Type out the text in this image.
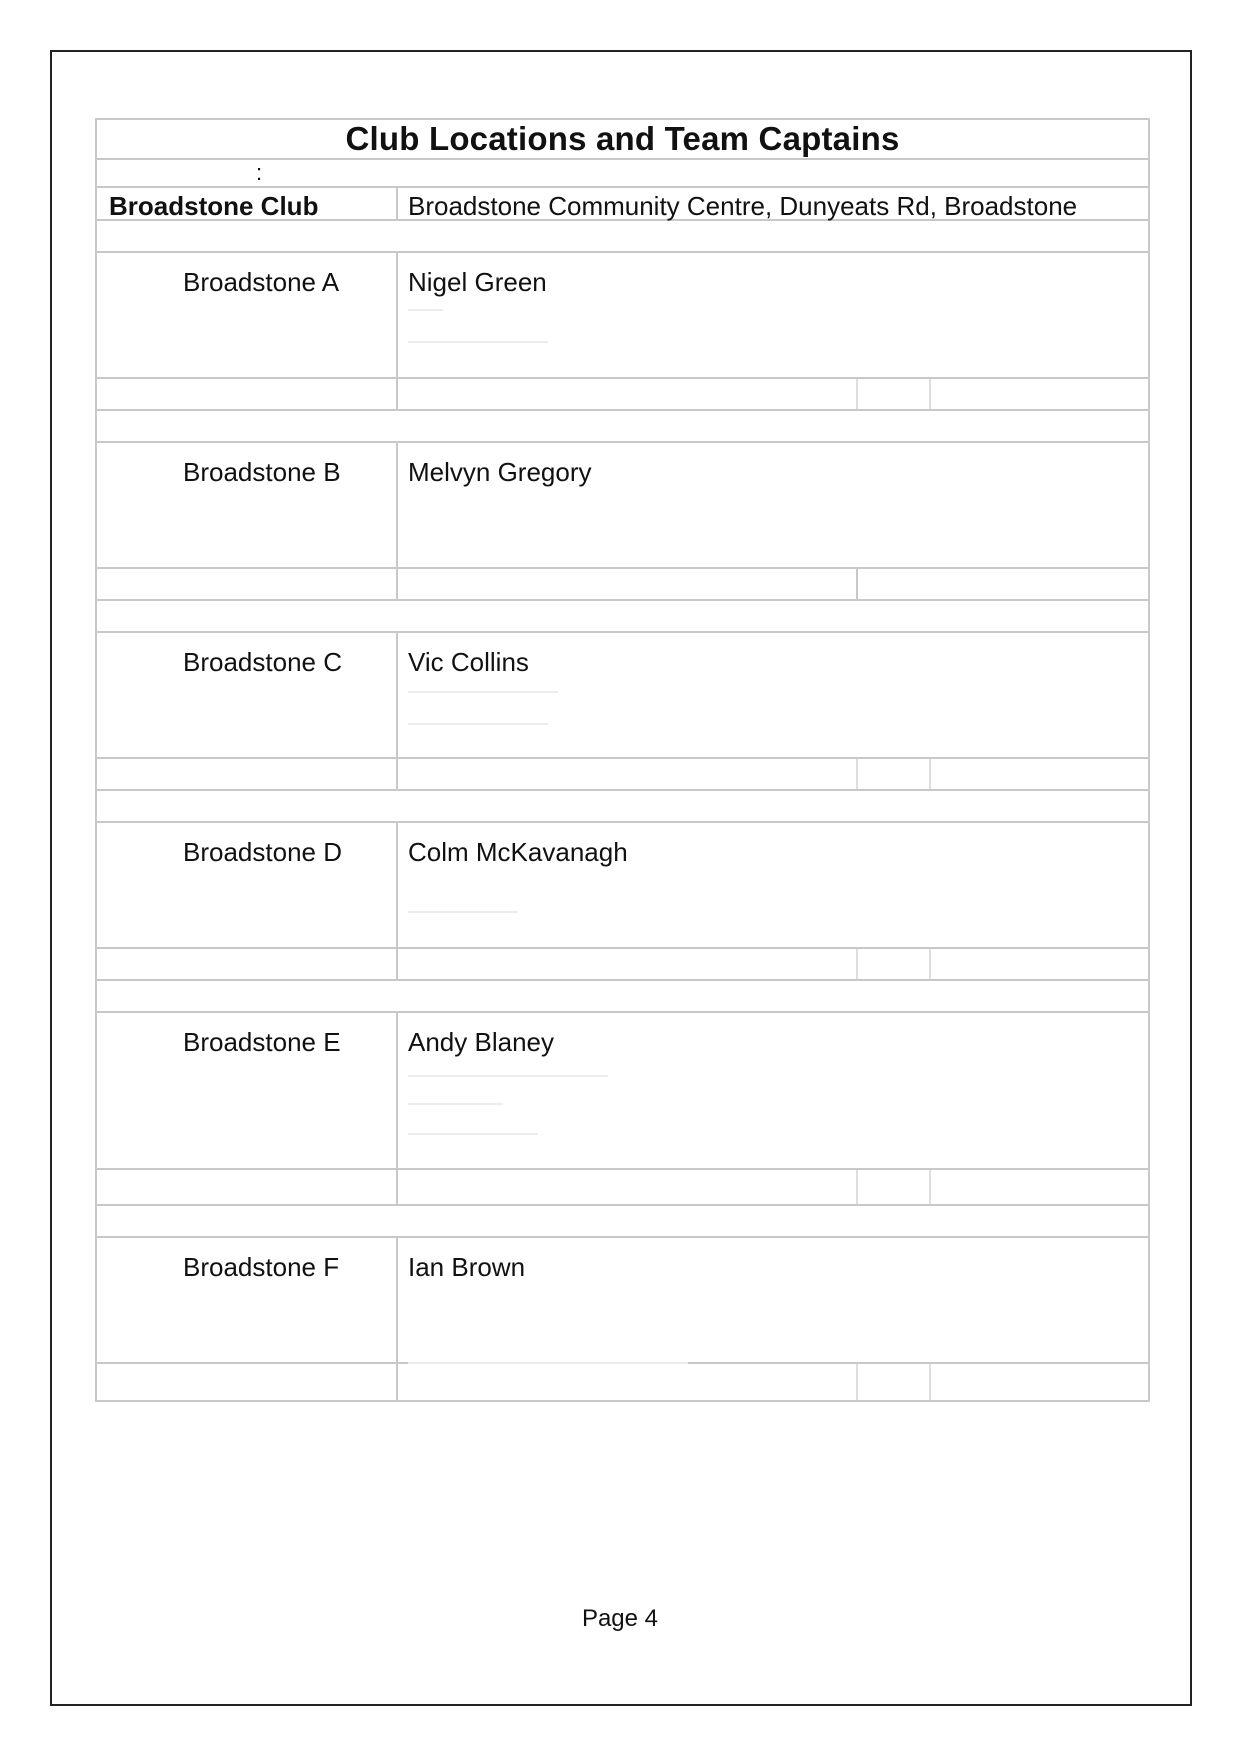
Club Locations and Team Captains
:
Broadstone Club	Broadstone Community Centre, Dunyeats Rd, Broadstone
Broadstone A	Nigel Green
Broadstone B	Melvyn Gregory
Broadstone C	Vic Collins
Broadstone D	Colm McKavanagh
Broadstone E	Andy Blaney
Broadstone F	Ian Brown
Page 4
